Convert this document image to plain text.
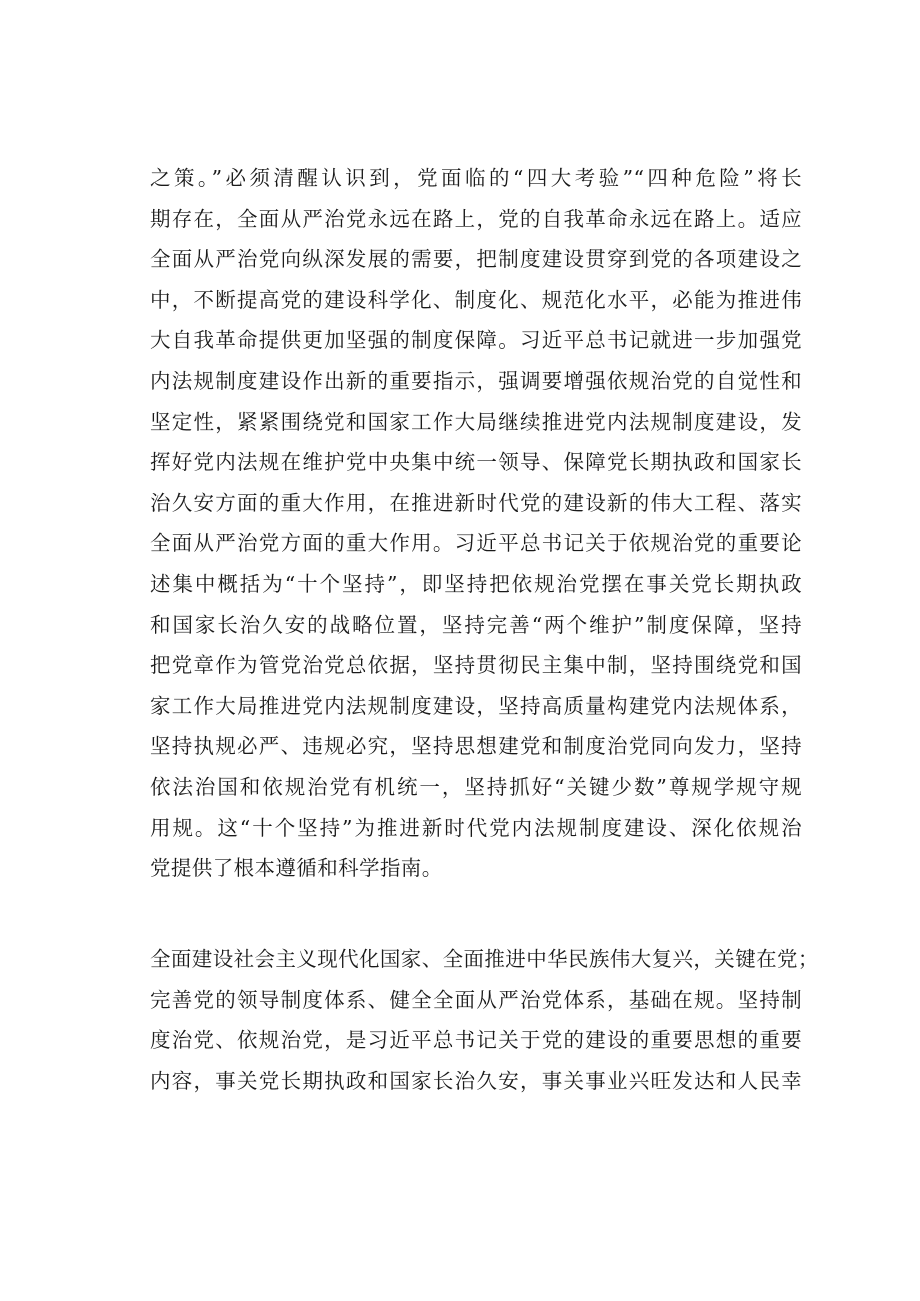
之策。”必须清醒认识到，党面临的“四大考验”“四种危险”将长
期存在，全面从严治党永远在路上，党的自我革命永远在路上。适应
全面从严治党向纵深发展的需要，把制度建设贯穿到党的各项建设之
中，不断提高党的建设科学化、制度化、规范化水平，必能为推进伟
大自我革命提供更加坚强的制度保障。习近平总书记就进一步加强党
内法规制度建设作出新的重要指示，强调要增强依规治党的自觉性和
坚定性，紧紧围绕党和国家工作大局继续推进党内法规制度建设，发
挥好党内法规在维护党中央集中统一领导、保障党长期执政和国家长
治久安方面的重大作用，在推进新时代党的建设新的伟大工程、落实
全面从严治党方面的重大作用。习近平总书记关于依规治党的重要论
述集中概括为“十个坚持”，即坚持把依规治党摆在事关党长期执政
和国家长治久安的战略位置，坚持完善“两个维护”制度保障，坚持
把党章作为管党治党总依据，坚持贯彻民主集中制，坚持围绕党和国
家工作大局推进党内法规制度建设，坚持高质量构建党内法规体系，
坚持执规必严、违规必究，坚持思想建党和制度治党同向发力，坚持
依法治国和依规治党有机统一，坚持抓好“关键少数”尊规学规守规
用规。这“十个坚持”为推进新时代党内法规制度建设、深化依规治
党提供了根本遵循和科学指南。
全面建设社会主义现代化国家、全面推进中华民族伟大复兴，关键在党；
完善党的领导制度体系、健全全面从严治党体系，基础在规。坚持制
度治党、依规治党，是习近平总书记关于党的建设的重要思想的重要
内容，事关党长期执政和国家长治久安，事关事业兴旺发达和人民幸
